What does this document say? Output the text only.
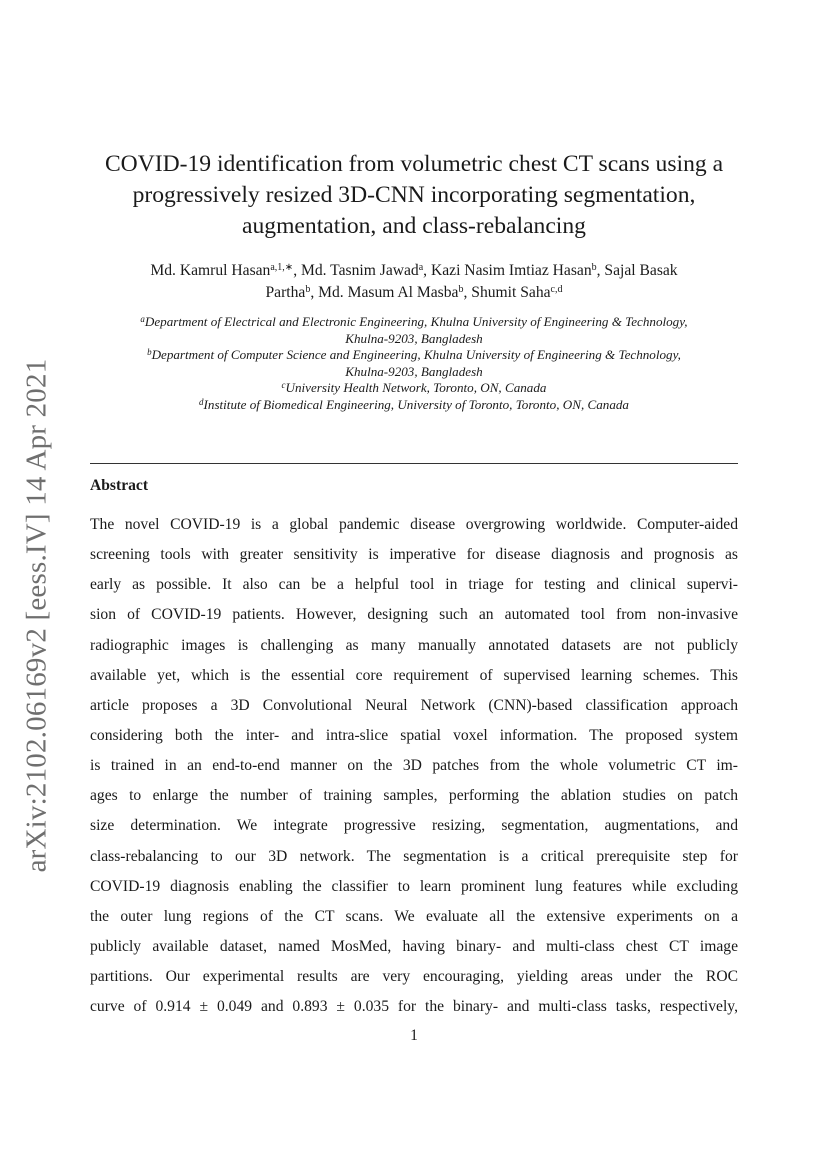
arXiv:2102.06169v2 [eess.IV] 14 Apr 2021
COVID-19 identification from volumetric chest CT scans using a
progressively resized 3D-CNN incorporating segmentation,
augmentation, and class-rebalancing
Md. Kamrul Hasan$^{a,1,∗}$, Md. Tasnim Jawad$^a$, Kazi Nasim Imtiaz Hasan$^b$, Sajal Basak
Partha$^b$, Md. Masum Al Masba$^b$, Shumit Saha$^{c,d}$
$^a$Department of Electrical and Electronic Engineering, Khulna University of Engineering & Technology,
Khulna-9203, Bangladesh
$^b$Department of Computer Science and Engineering, Khulna University of Engineering & Technology,
Khulna-9203, Bangladesh
$^c$University Health Network, Toronto, ON, Canada
$^d$Institute of Biomedical Engineering, University of Toronto, Toronto, ON, Canada
Abstract
The novel COVID-19 is a global pandemic disease overgrowing worldwide. Computer-aided
screening tools with greater sensitivity is imperative for disease diagnosis and prognosis as
early as possible. It also can be a helpful tool in triage for testing and clinical supervi-
sion of COVID-19 patients. However, designing such an automated tool from non-invasive
radiographic images is challenging as many manually annotated datasets are not publicly
available yet, which is the essential core requirement of supervised learning schemes. This
article proposes a 3D Convolutional Neural Network (CNN)-based classification approach
considering both the inter- and intra-slice spatial voxel information. The proposed system
is trained in an end-to-end manner on the 3D patches from the whole volumetric CT im-
ages to enlarge the number of training samples, performing the ablation studies on patch
size determination. We integrate progressive resizing, segmentation, augmentations, and
class-rebalancing to our 3D network. The segmentation is a critical prerequisite step for
COVID-19 diagnosis enabling the classifier to learn prominent lung features while excluding
the outer lung regions of the CT scans. We evaluate all the extensive experiments on a
publicly available dataset, named MosMed, having binary- and multi-class chest CT image
partitions. Our experimental results are very encouraging, yielding areas under the ROC
curve of 0.914 ± 0.049 and 0.893 ± 0.035 for the binary- and multi-class tasks, respectively,
1
